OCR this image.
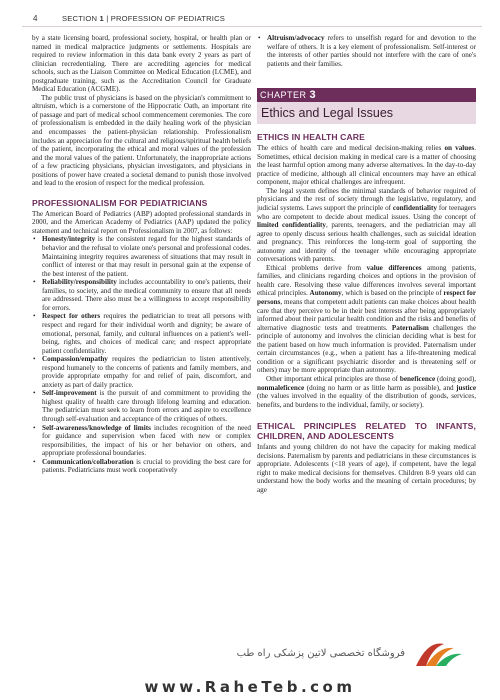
4	SECTION 1 | PROFESSION OF PEDIATRICS

by a state licensing board, professional society, hospital, or health plan or named in medical malpractice judgments or settlements. Hospitals are required to review information in this data bank every 2 years as part of clinician recredentialing. There are accrediting agencies for medical schools, such as the Liaison Committee on Medical Education (LCME), and postgraduate training, such as the Accreditation Council for Graduate Medical Education (ACGME).

The public trust of physicians is based on the physician's commitment to altruism, which is a cornerstone of the Hippocratic Oath, an important rite of passage and part of medical school commencement ceremonies. The core of professionalism is embedded in the daily healing work of the physician and encompasses the patient-physician relationship. Professionalism includes an appreciation for the cultural and religious/spiritual health beliefs of the patient, incorporating the ethical and moral values of the profession and the moral values of the patient. Unfortunately, the inappropriate actions of a few practicing physicians, physician investigators, and physicians in positions of power have created a societal demand to punish those involved and lead to the erosion of respect for the medical profession.

PROFESSIONALISM FOR PEDIATRICIANS

The American Board of Pediatrics (ABP) adopted professional standards in 2000, and the American Academy of Pediatrics (AAP) updated the policy statement and technical report on Professionalism in 2007, as follows:

• Honesty/integrity is the consistent regard for the highest standards of behavior and the refusal to violate one's personal and professional codes. Maintaining integrity requires awareness of situations that may result in conflict of interest or that may result in personal gain at the expense of the best interest of the patient.
• Reliability/responsibility includes accountability to one's patients, their families, to society, and the medical community to ensure that all needs are addressed. There also must be a willingness to accept responsibility for errors.
• Respect for others requires the pediatrician to treat all persons with respect and regard for their individual worth and dignity; be aware of emotional, personal, family, and cultural influences on a patient's well-being, rights, and choices of medical care; and respect appropriate patient confidentiality.
• Compassion/empathy requires the pediatrician to listen attentively, respond humanely to the concerns of patients and family members, and provide appropriate empathy for and relief of pain, discomfort, and anxiety as part of daily practice.
• Self-improvement is the pursuit of and commitment to providing the highest quality of health care through lifelong learning and education. The pediatrician must seek to learn from errors and aspire to excellence through self-evaluation and acceptance of the critiques of others.
• Self-awareness/knowledge of limits includes recognition of the need for guidance and supervision when faced with new or complex responsibilities, the impact of his or her behavior on others, and appropriate professional boundaries.
• Communication/collaboration is crucial to providing the best care for patients. Pediatricians must work cooperatively
• Altruism/advocacy refers to unselfish regard for and devotion to the welfare of others. It is a key element of professionalism. Self-interest or the interests of other parties should not interfere with the care of one's patients and their families.
CHAPTER 3
Ethics and Legal Issues
ETHICS IN HEALTH CARE

The ethics of health care and medical decision-making relies on values. Sometimes, ethical decision making in medical care is a matter of choosing the least harmful option among many adverse alternatives. In the day-to-day practice of medicine, although all clinical encounters may have an ethical component, major ethical challenges are infrequent.

The legal system defines the minimal standards of behavior required of physicians and the rest of society through the legislative, regulatory, and judicial systems. Laws support the principle of confidentiality for teenagers who are competent to decide about medical issues. Using the concept of limited confidentiality, parents, teenagers, and the pediatrician may all agree to openly discuss serious health challenges, such as suicidal ideation and pregnancy. This reinforces the long-term goal of supporting the autonomy and identity of the teenager while encouraging appropriate conversations with parents.

Ethical problems derive from value differences among patients, families, and clinicians regarding choices and options in the provision of health care. Resolving these value differences involves several important ethical principles. Autonomy, which is based on the principle of respect for persons, means that competent adult patients can make choices about health care that they perceive to be in their best interests after being appropriately informed about their particular health condition and the risks and benefits of alternative diagnostic tests and treatments. Paternalism challenges the principle of autonomy and involves the clinician deciding what is best for the patient based on how much information is provided. Paternalism under certain circumstances (e.g., when a patient has a life-threatening medical condition or a significant psychiatric disorder and is threatening self or others) may be more appropriate than autonomy.

Other important ethical principles are those of beneficence (doing good), nonmaleficence (doing no harm or as little harm as possible), and justice (the values involved in the equality of the distribution of goods, services, benefits, and burdens to the individual, family, or society).

ETHICAL PRINCIPLES RELATED TO INFANTS, CHILDREN, AND ADOLESCENTS

Infants and young children do not have the capacity for making medical decisions. Paternalism by parents and pediatricians in these circumstances is appropriate. Adolescents (<18 years of age), if competent, have the legal right to make medical decisions for themselves. Children 8-9 years old can understand how the body works and the meaning of certain procedures; by age

فروشگاه تخصصی لاتین پزشکی راه طب
www.RaheTeb.com
